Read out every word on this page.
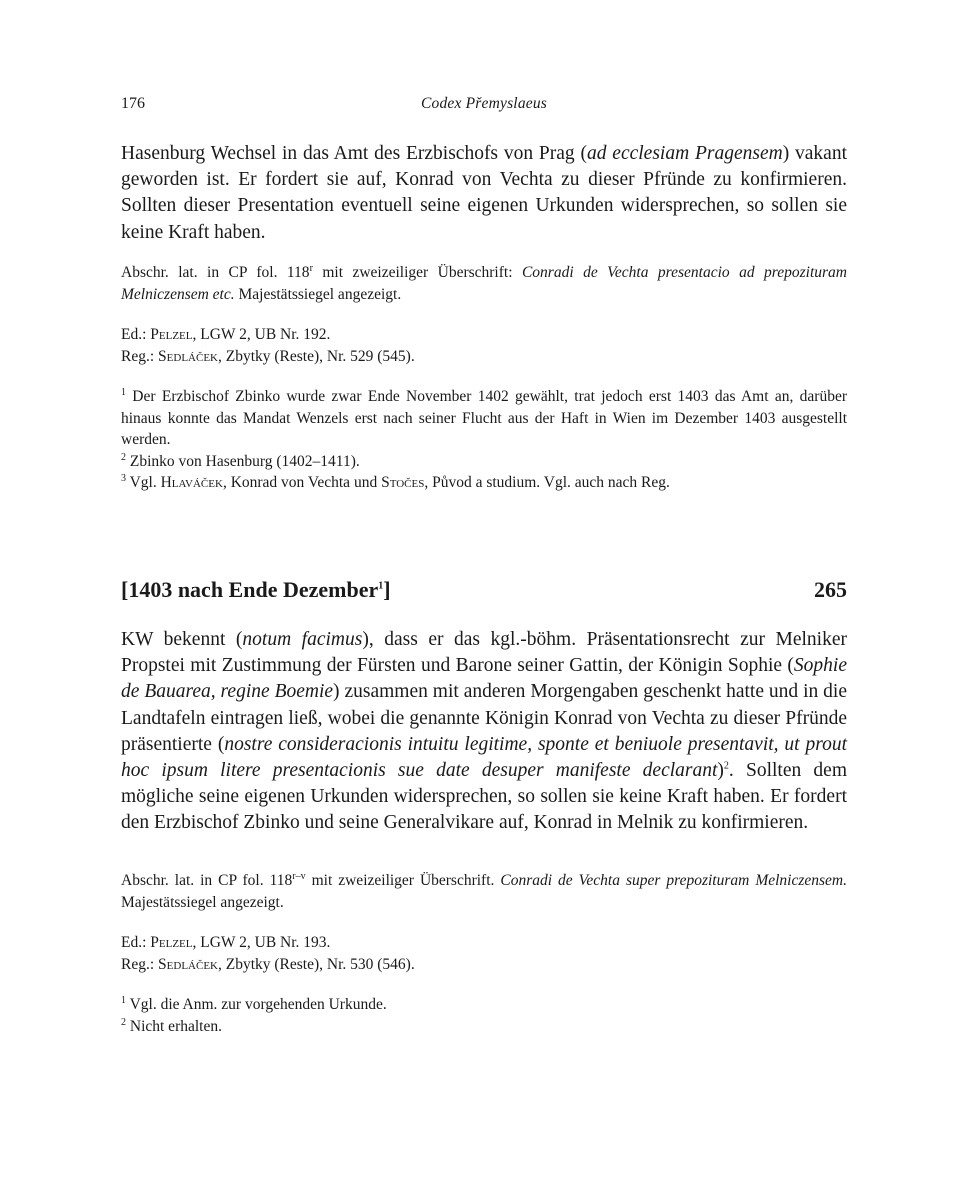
176	Codex Přemyslaeus

Hasenburg Wechsel in das Amt des Erzbischofs von Prag (ad ecclesiam Pragensem) vakant geworden ist. Er fordert sie auf, Konrad von Vechta zu dieser Pfründe zu konfirmieren. Sollten dieser Presentation eventuell seine eigenen Urkunden widersprechen, so sollen sie keine Kraft haben.

Abschr. lat. in CP fol. 118$^r$ mit zweizeiliger Überschrift: Conradi de Vechta presentacio ad prepozituram Melniczensem etc. Majestätssiegel angezeigt.

Ed.: Pelzel, LGW 2, UB Nr. 192.

Reg.: Sedláček, Zbytky (Reste), Nr. 529 (545).

$^1$ Der Erzbischof Zbinko wurde zwar Ende November 1402 gewählt, trat jedoch erst 1403 das Amt an, darüber hinaus konnte das Mandat Wenzels erst nach seiner Flucht aus der Haft in Wien im Dezember 1403 ausgestellt werden.

$^2$ Zbinko von Hasenburg (1402–1411).

$^3$ Vgl. Hlaváček, Konrad von Vechta und Stočes, Původ a studium. Vgl. auch nach Reg.

[1403 nach Ende Dezember$^1$]	265

KW bekennt (notum facimus), dass er das kgl.-böhm. Präsentationsrecht zur Melniker Propstei mit Zustimmung der Fürsten und Barone seiner Gattin, der Königin Sophie (Sophie de Bauarea, regine Boemie) zusammen mit anderen Morgengaben geschenkt hatte und in die Landtafeln eintragen ließ, wobei die genannte Königin Konrad von Vechta zu dieser Pfründe präsentierte (nostre consideracionis intuitu legitime, sponte et beniuole presentavit, ut prout hoc ipsum litere presentacionis sue date desuper manifeste declarant)$^2$. Sollten dem mögliche seine eigenen Urkunden widersprechen, so sollen sie keine Kraft haben. Er fordert den Erzbischof Zbinko und seine Generalvikare auf, Konrad in Melnik zu konfirmieren.

Abschr. lat. in CP fol. 118$^{r-v}$ mit zweizeiliger Überschrift. Conradi de Vechta super prepozituram Melniczensem. Majestätssiegel angezeigt.

Ed.: Pelzel, LGW 2, UB Nr. 193.

Reg.: Sedláček, Zbytky (Reste), Nr. 530 (546).

$^1$ Vgl. die Anm. zur vorgehenden Urkunde.

$^2$ Nicht erhalten.
